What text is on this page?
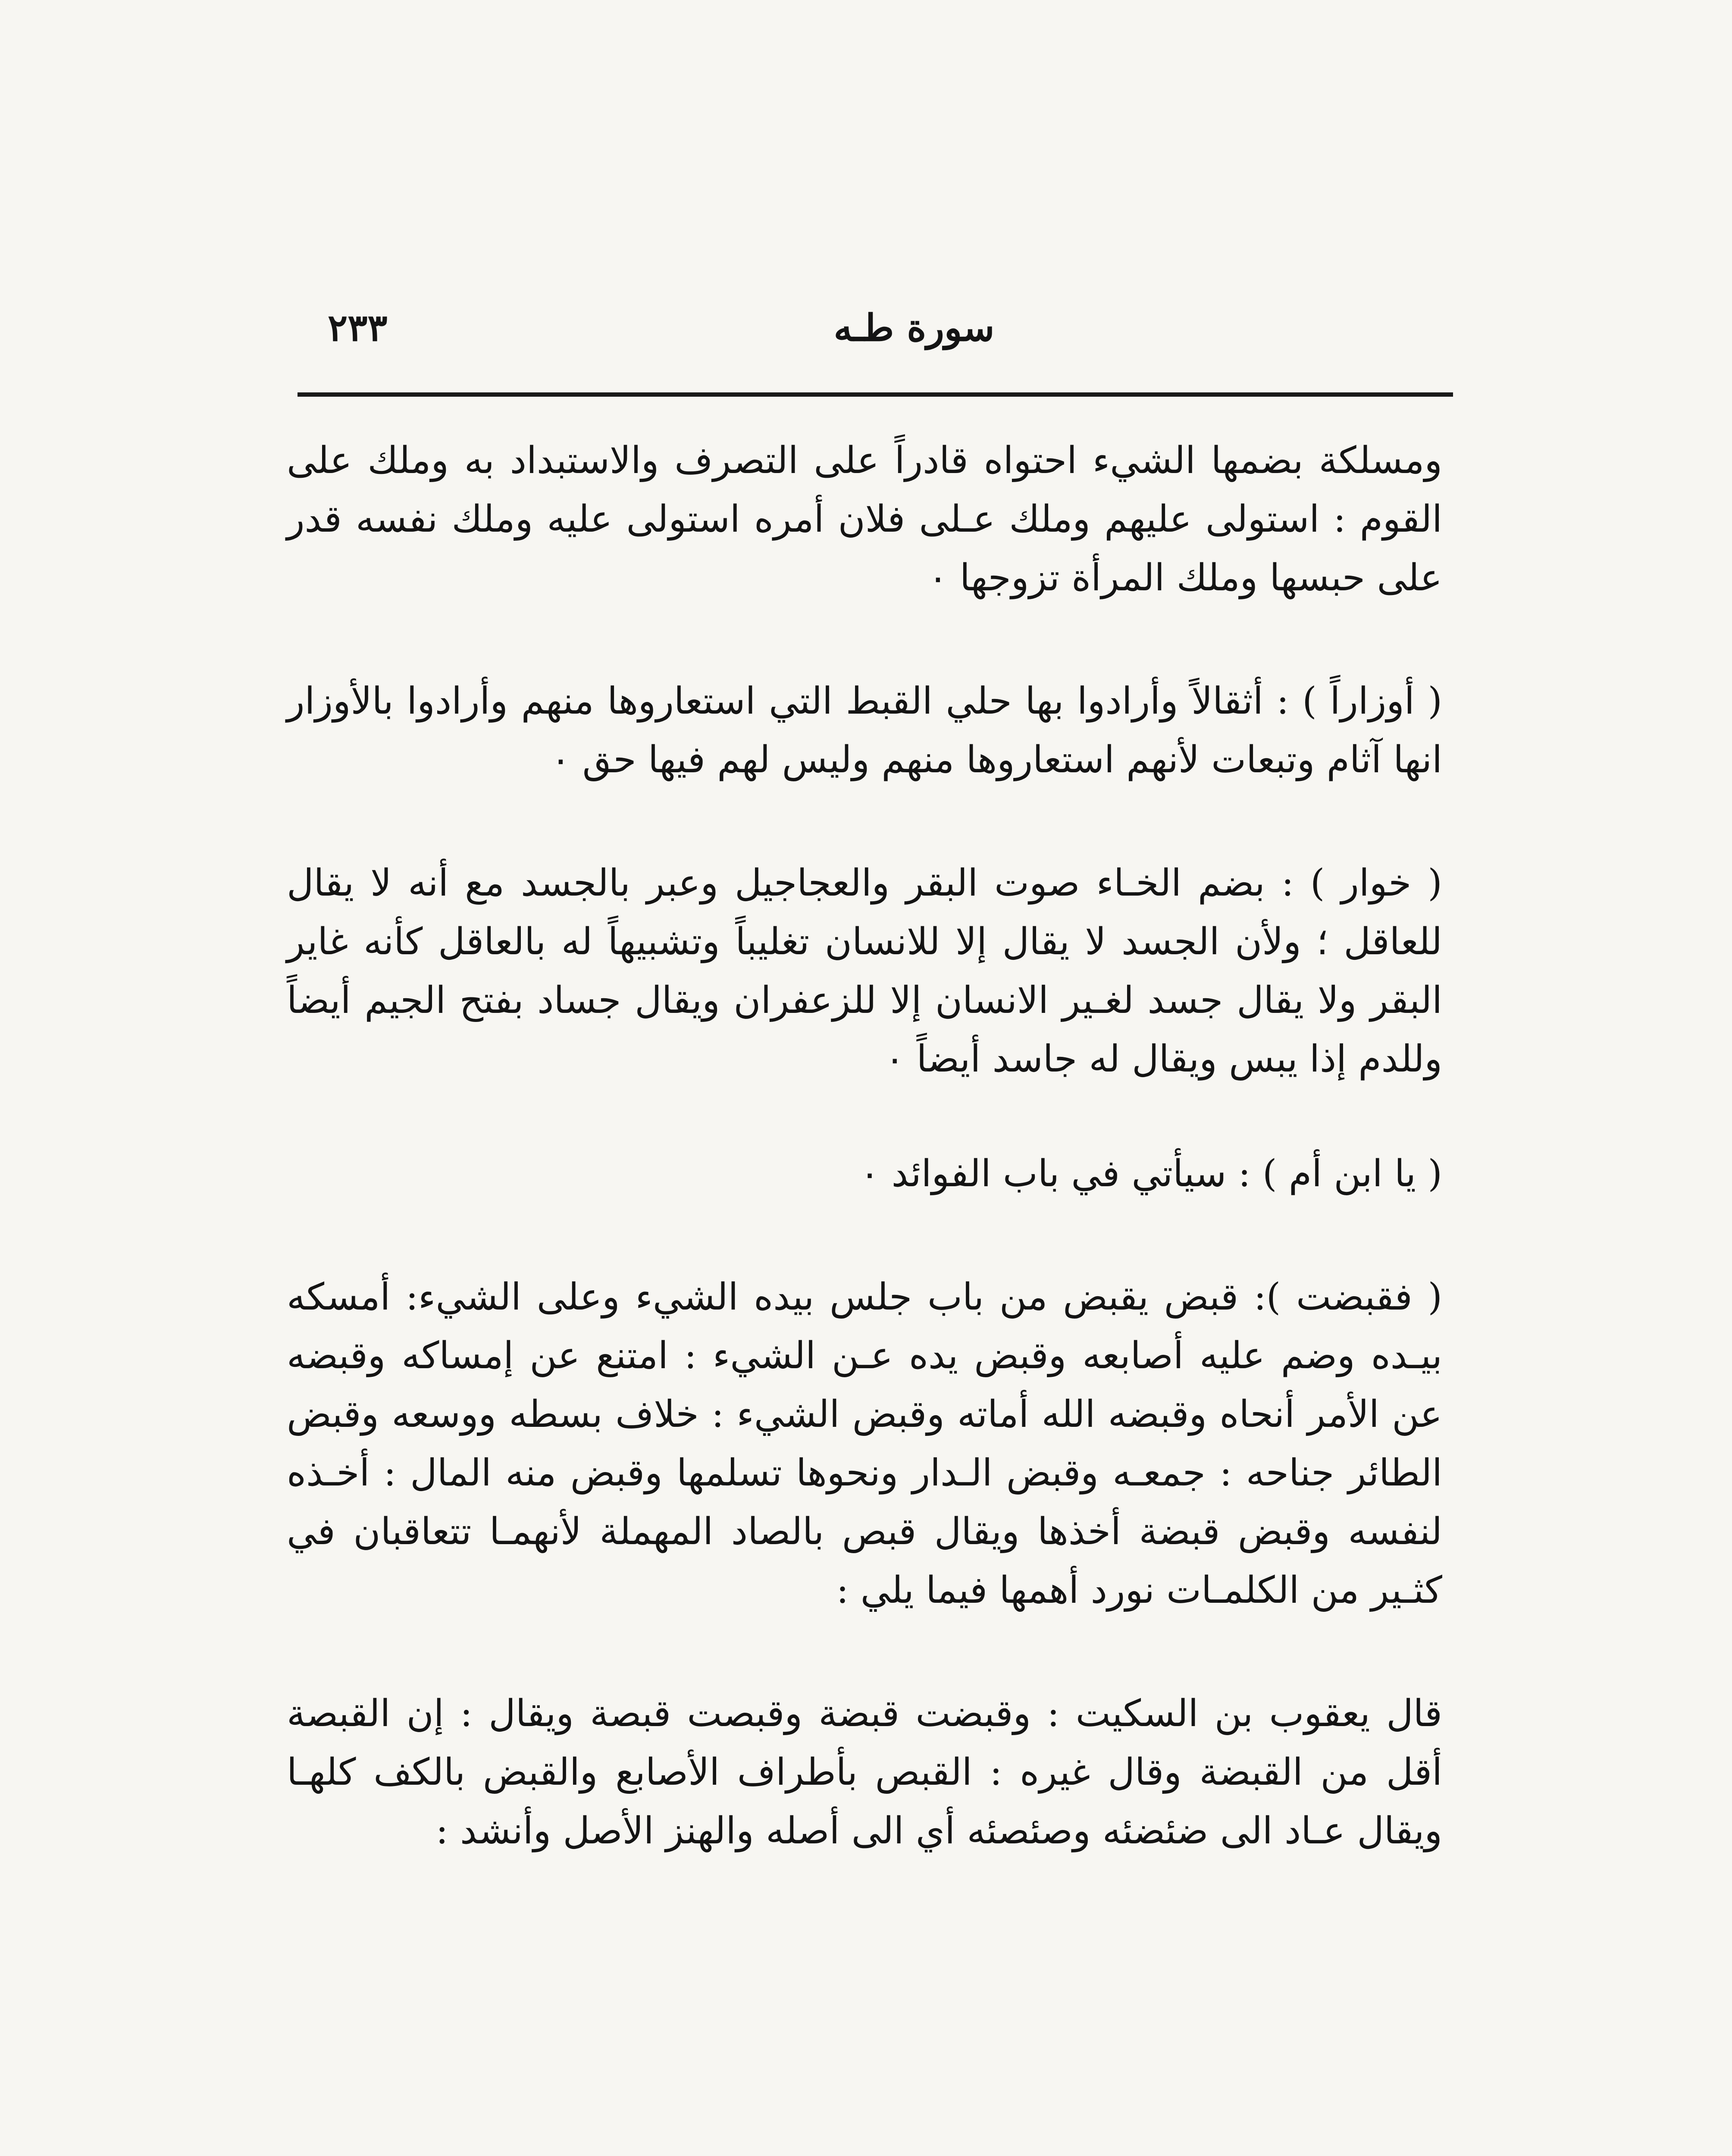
٢٣٣	سورة طـه

ومسلكة بضمها الشيء احتواه قادراً على التصرف والاستبداد به وملك على القوم : استولى عليهم وملك عـلى فلان أمره استولى عليه وملك نفسه قدر على حبسها وملك المرأة تزوجها ٠

( أوزاراً ) : أثقالاً وأرادوا بها حلي القبط التي استعاروها منهم وأرادوا بالأوزار انها آثام وتبعات لأنهم استعاروها منهم وليس لهم فيها حق ٠

( خوار ) : بضم الخـاء صوت البقر والعجاجيل وعبر بالجسد مع أنه لا يقال للعاقل ؛ ولأن الجسد لا يقال إلا للانسان تغليباً وتشبيهاً له بالعاقل كأنه غاير البقر ولا يقال جسد لغـير الانسان إلا للزعفران ويقال جساد بفتح الجيم أيضاً وللدم إذا يبس ويقال له جاسد أيضاً ٠

( يا ابن أم ) : سيأتي في باب الفوائد ٠

( فقبضت ): قبض يقبض من باب جلس بيده الشيء وعلى الشيء: أمسكه بيـده وضم عليه أصابعه وقبض يده عـن الشيء : امتنع عن إمساكه وقبضه عن الأمر أنحاه وقبضه الله أماته وقبض الشيء : خلاف بسطه ووسعه وقبض الطائر جناحه : جمعـه وقبض الـدار ونحوها تسلمها وقبض منه المال : أخـذه لنفسه وقبض قبضة أخذها ويقال قبص بالصاد المهملة لأنهمـا تتعاقبان في كثـير من الكلمـات نورد أهمها فيما يلي :

قال يعقوب بن السكيت : وقبضت قبضة وقبصت قبصة ويقال : إن القبصة أقل من القبضة وقال غيره : القبص بأطراف الأصابع والقبض بالكف كلهـا ويقال عـاد الى ضئضئه وصئصئه أي الى أصله والهنز الأصل وأنشد :
